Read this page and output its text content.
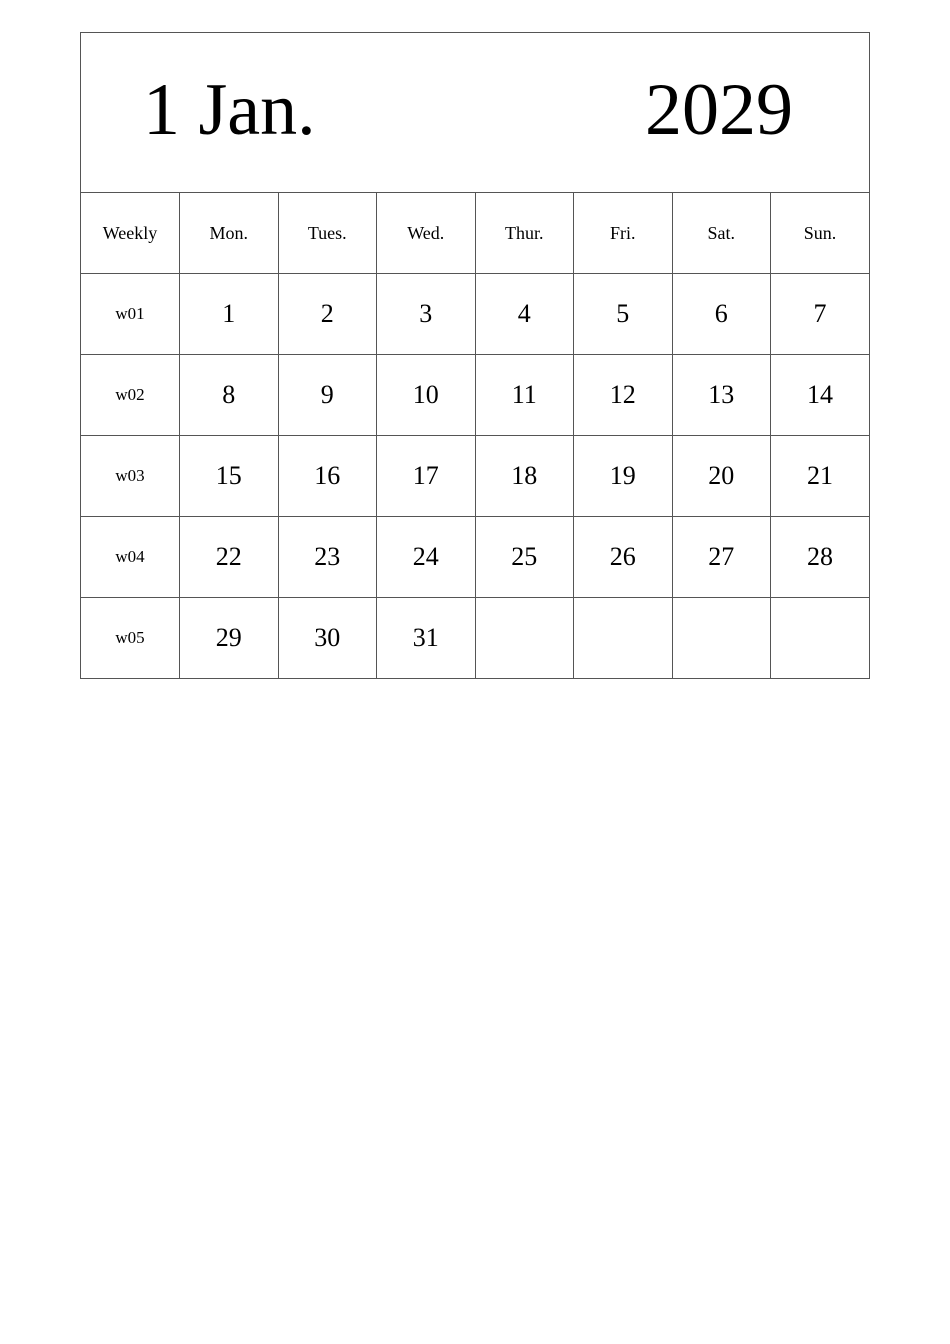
1 Jan.	2029
Weekly	Mon.	Tues.	Wed.	Thur.	Fri.	Sat.	Sun.
w01	1	2	3	4	5	6	7
w02	8	9	10	11	12	13	14
w03	15	16	17	18	19	20	21
w04	22	23	24	25	26	27	28
w05	29	30	31				
